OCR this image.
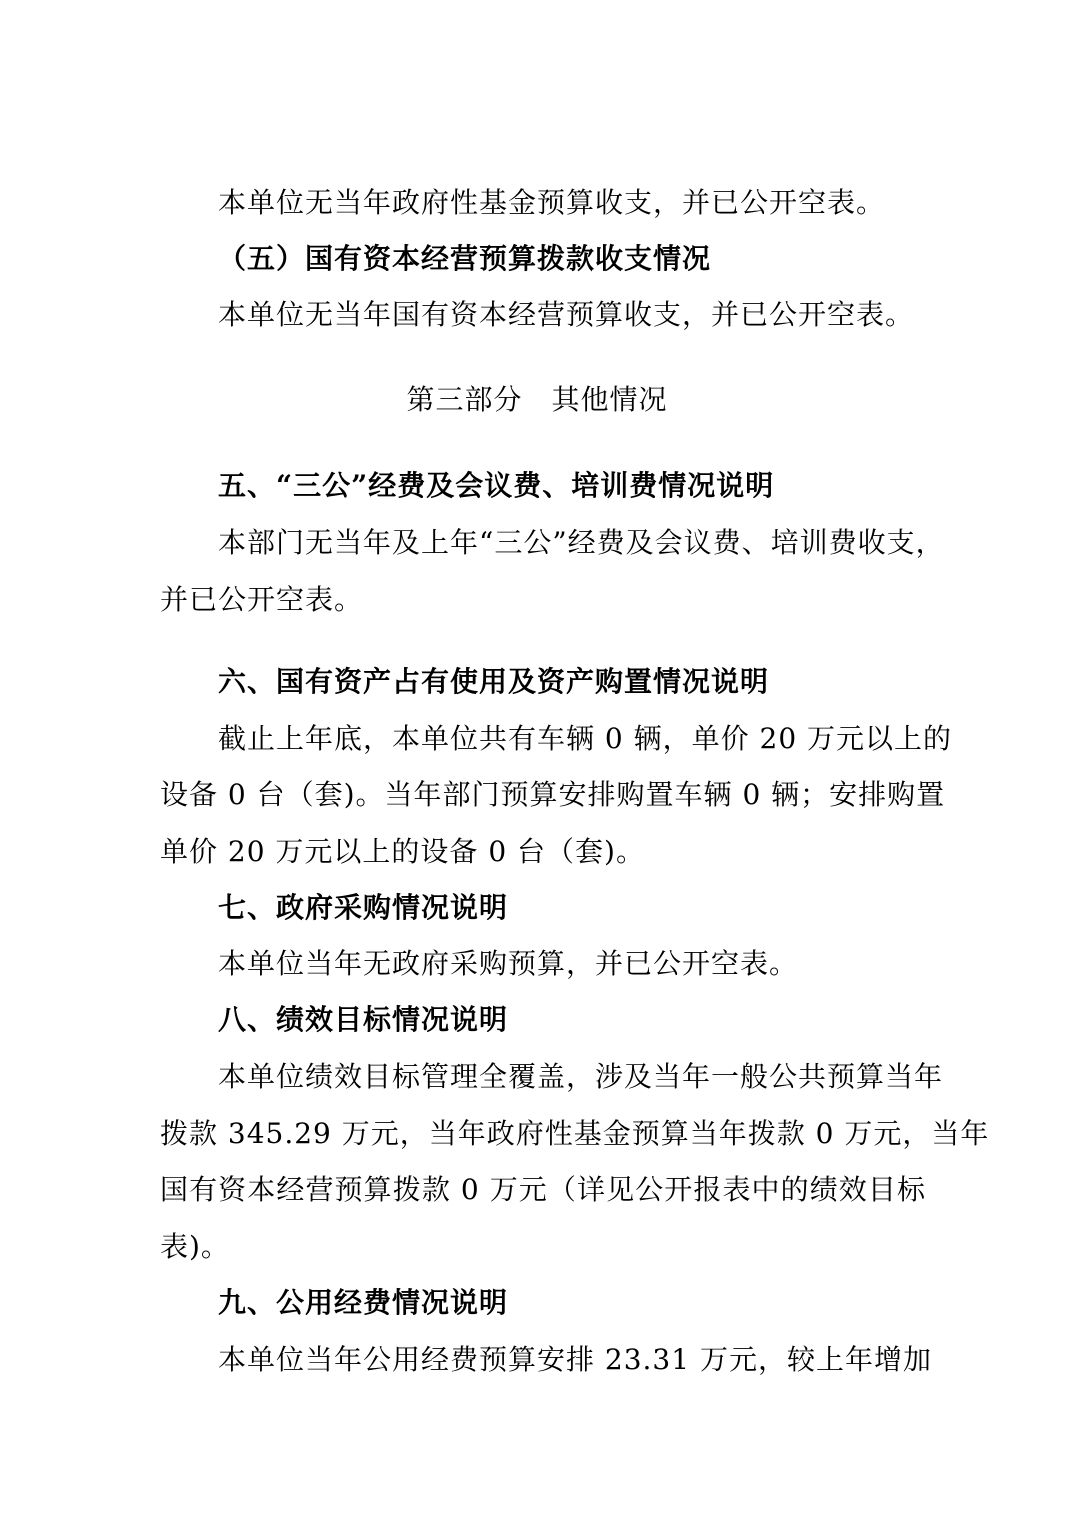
本单位无当年政府性基金预算收支，并已公开空表。
（五）国有资本经营预算拨款收支情况
本单位无当年国有资本经营预算收支，并已公开空表。
第三部分　其他情况
五、“三公”经费及会议费、培训费情况说明
本部门无当年及上年“三公”经费及会议费、培训费收支，
并已公开空表。
六、国有资产占有使用及资产购置情况说明
截止上年底，本单位共有车辆 0 辆，单价 20 万元以上的
设备 0 台（套)。当年部门预算安排购置车辆 0 辆；安排购置
单价 20 万元以上的设备 0 台（套)。
七、政府采购情况说明
本单位当年无政府采购预算，并已公开空表。
八、绩效目标情况说明
本单位绩效目标管理全覆盖，涉及当年一般公共预算当年
拨款 345.29 万元，当年政府性基金预算当年拨款 0 万元，当年
国有资本经营预算拨款 0 万元（详见公开报表中的绩效目标
表)。
九、公用经费情况说明
本单位当年公用经费预算安排 23.31 万元，较上年增加
